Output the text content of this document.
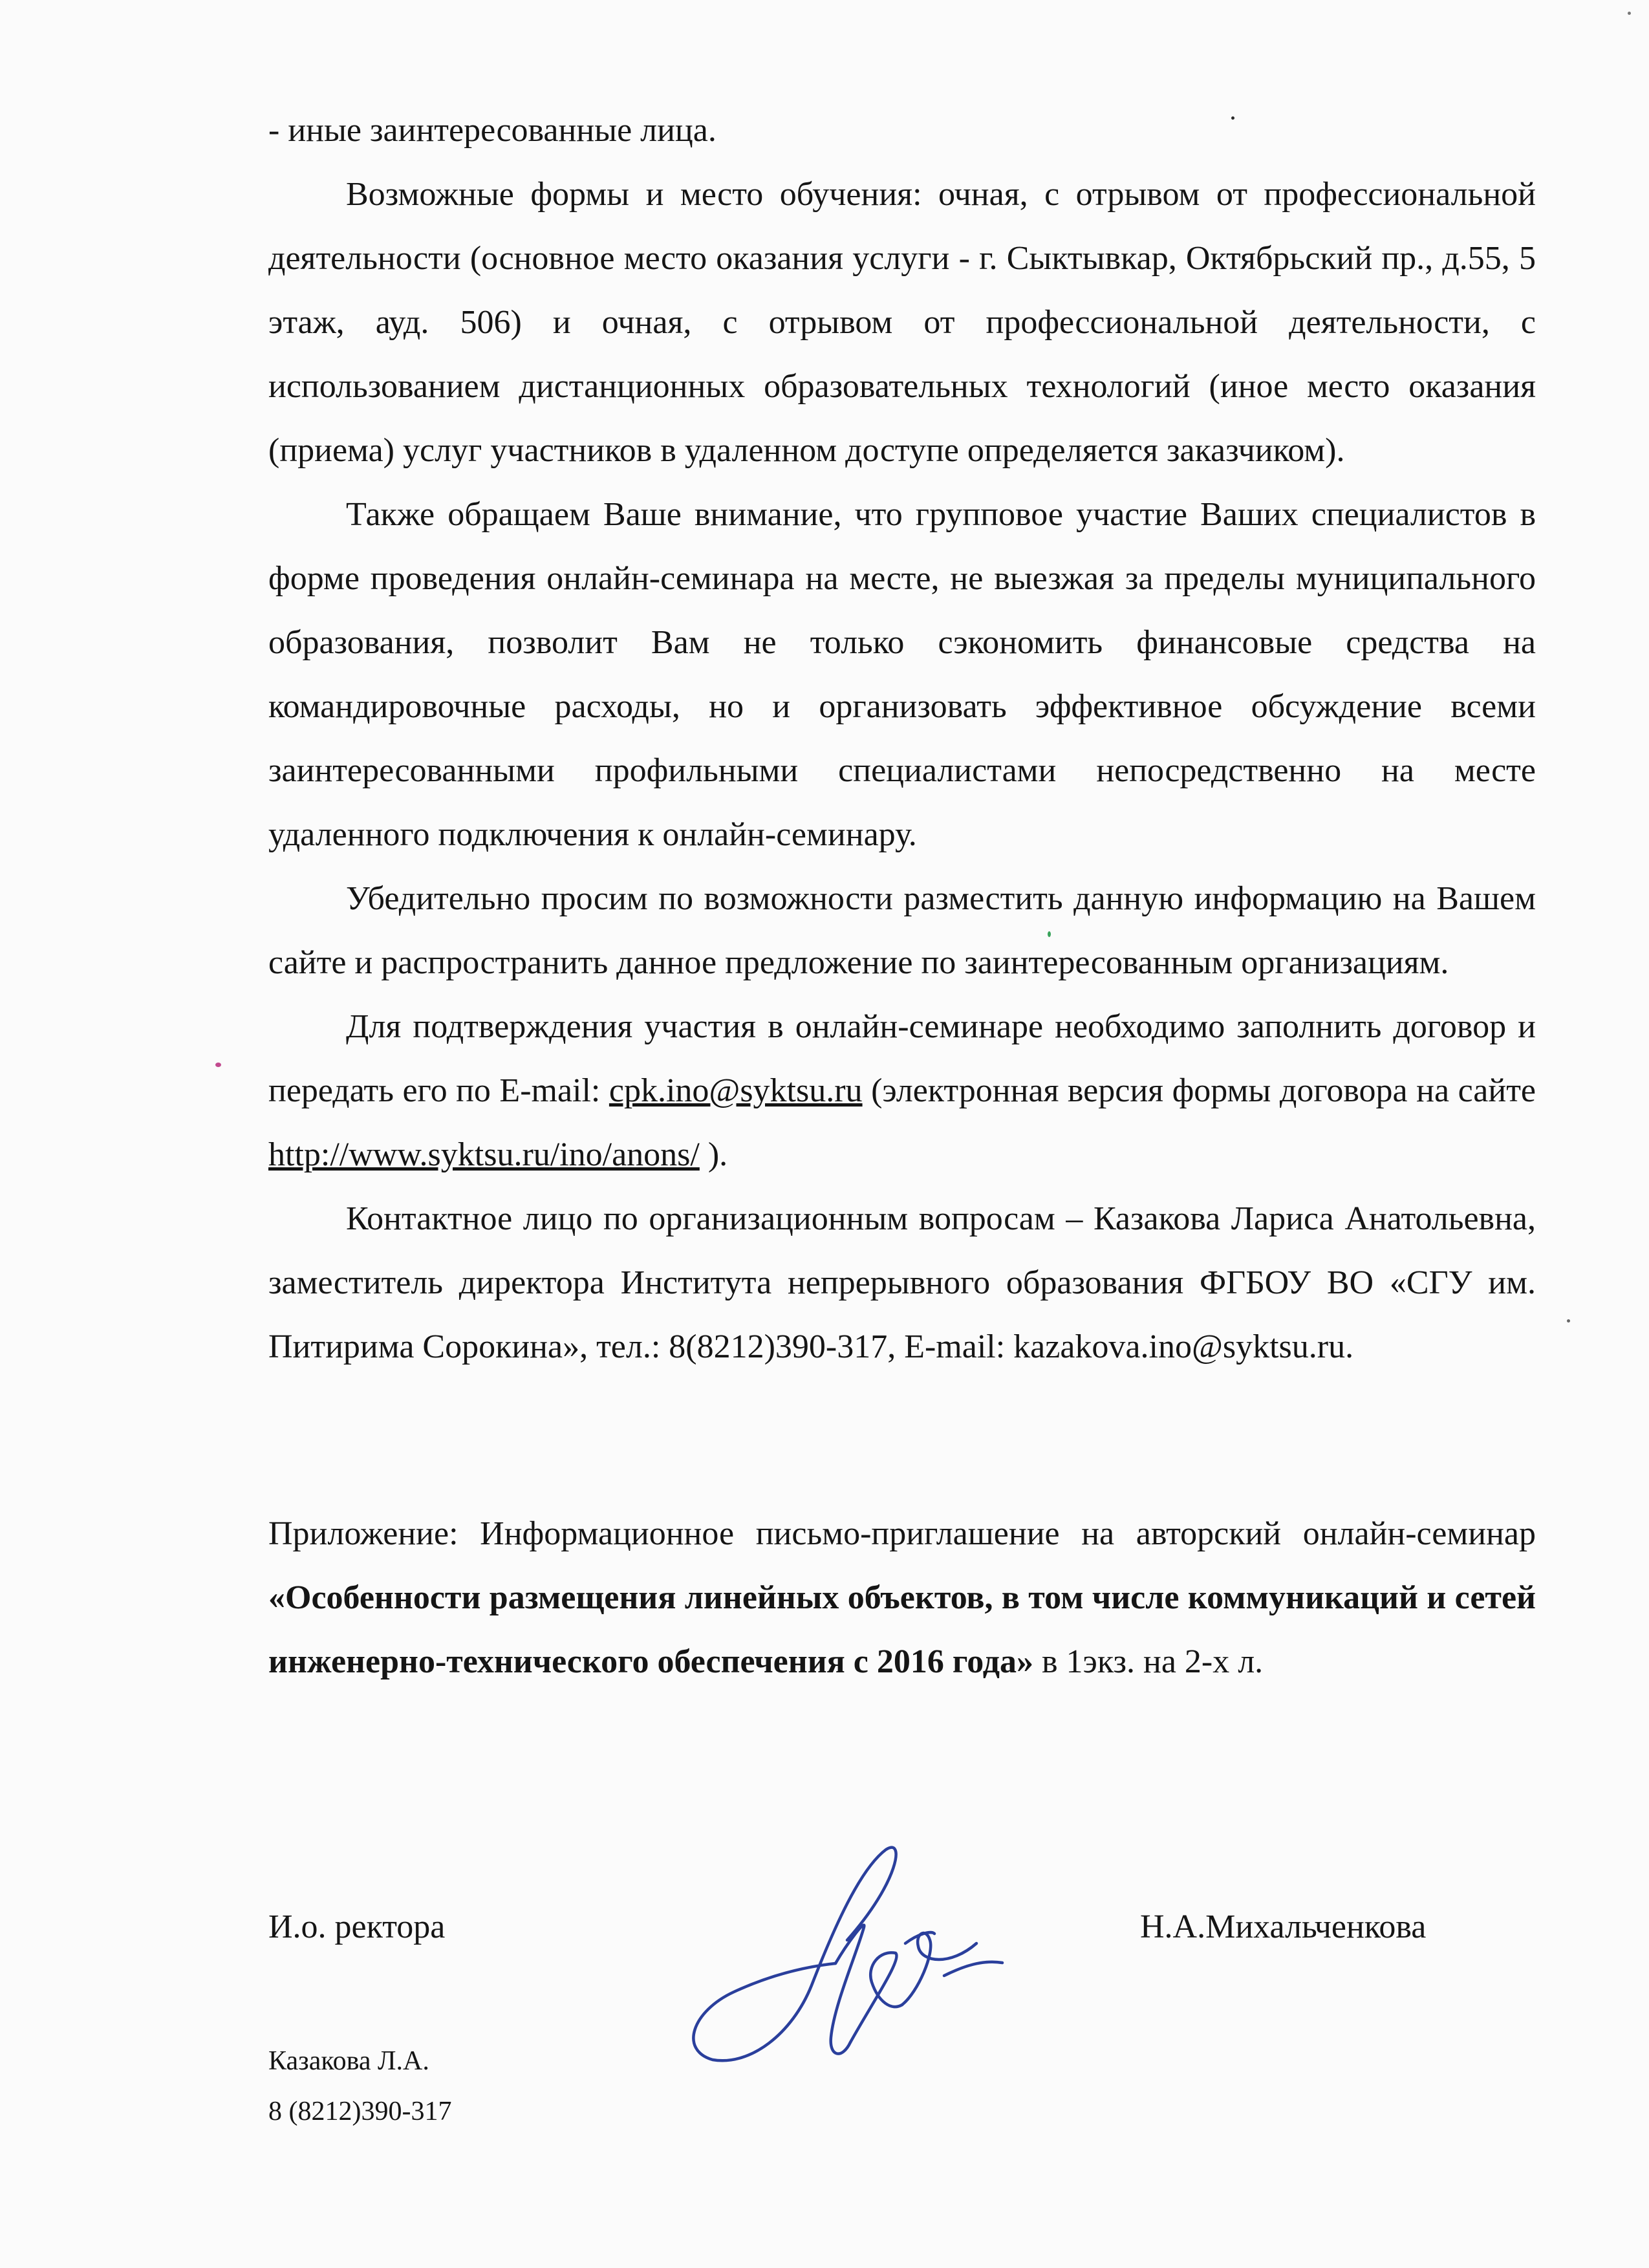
- иные заинтересованные лица.

Возможные формы и место обучения: очная, с отрывом от профессиональной деятельности (основное место оказания услуги - г. Сыктывкар, Октябрьский пр., д.55, 5 этаж, ауд. 506) и очная, с отрывом от профессиональной деятельности, с использованием дистанционных образовательных технологий (иное место оказания (приема) услуг участников в удаленном доступе определяется заказчиком).

Также обращаем Ваше внимание, что групповое участие Ваших специалистов в форме проведения онлайн-семинара на месте, не выезжая за пределы муниципального образования, позволит Вам не только сэкономить финансовые средства на командировочные расходы, но и организовать эффективное обсуждение всеми заинтересованными профильными специалистами непосредственно на месте удаленного подключения к онлайн-семинару.

Убедительно просим по возможности разместить данную информацию на Вашем сайте и распространить данное предложение по заинтересованным организациям.

Для подтверждения участия в онлайн-семинаре необходимо заполнить договор и передать его по E-mail: cpk.ino@syktsu.ru (электронная версия формы договора на сайте http://www.syktsu.ru/ino/anons/ ).

Контактное лицо по организационным вопросам – Казакова Лариса Анатольевна, заместитель директора Института непрерывного образования ФГБОУ ВО «СГУ им. Питирима Сорокина», тел.: 8(8212)390-317, E-mail: kazakova.ino@syktsu.ru.

Приложение: Информационное письмо-приглашение на авторский онлайн-семинар «Особенности размещения линейных объектов, в том числе коммуникаций и сетей инженерно-технического обеспечения с 2016 года» в 1экз. на 2-х л.

И.о. ректора	Н.А.Михальченкова
Казакова Л.А.
8 (8212)390-317
